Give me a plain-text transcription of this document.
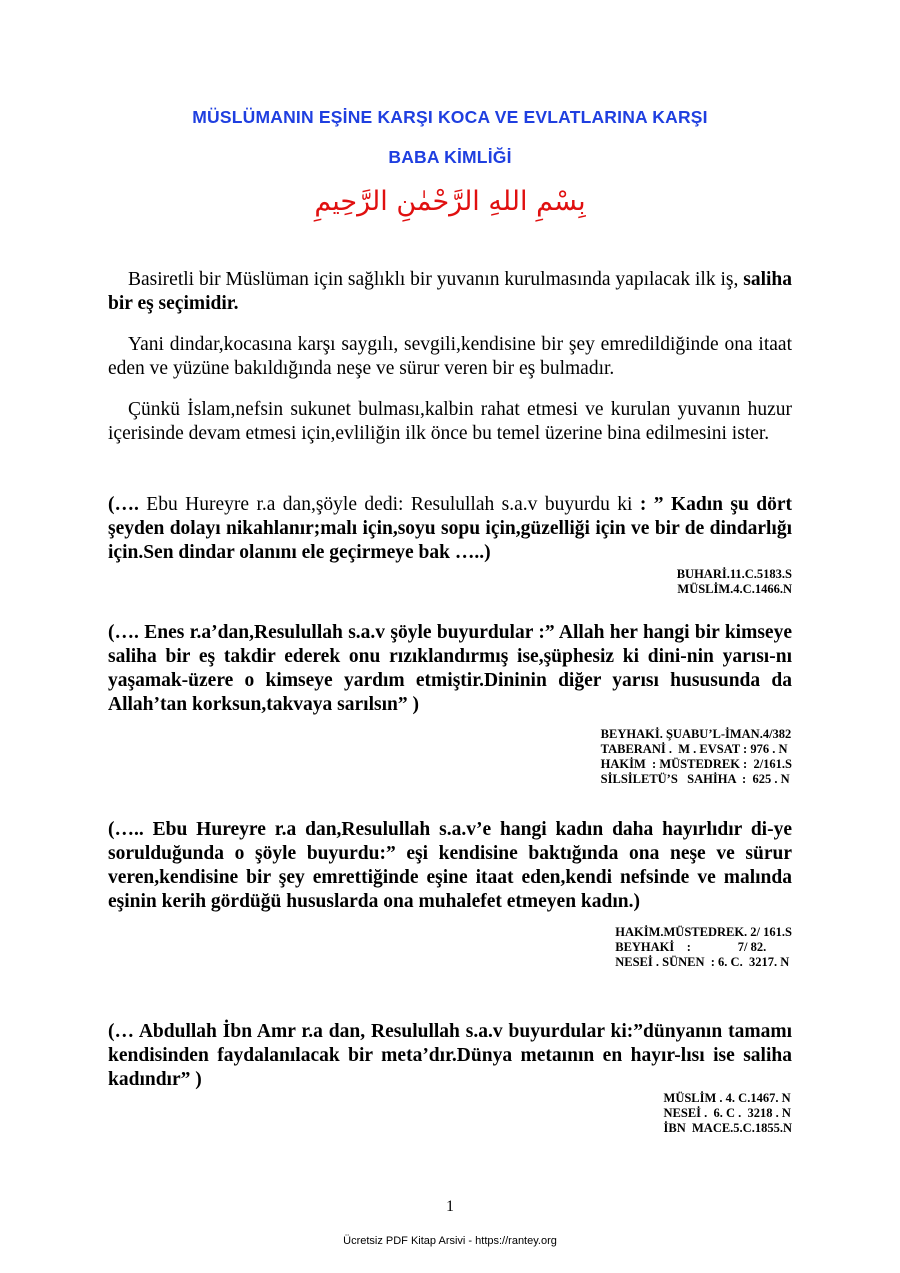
MÜSLÜMANIN EŞİNE KARŞI KOCA VE EVLATLARINA KARŞI
BABA KİMLİĞİ
بِسْمِ اللهِ الرَّحْمٰنِ الرَّحِيمِ
Basiretli bir Müslüman için sağlıklı bir yuvanın kurulmasında yapılacak ilk iş, saliha bir eş seçimidir.
Yani dindar,kocasına karşı saygılı, sevgili,kendisine bir şey emredildiğinde ona itaat eden ve yüzüne bakıldığında neşe ve sürur veren bir eş bulmadır.
Çünkü İslam,nefsin sukunet bulması,kalbin rahat etmesi ve kurulan yuvanın huzur içerisinde devam etmesi için,evliliğin ilk önce bu temel üzerine bina edilmesini ister.
(…. Ebu Hureyre r.a dan,şöyle dedi: Resulullah s.a.v buyurdu ki : ” Kadın şu dört şeyden dolayı nikahlanır;malı için,soyu sopu için,güzelliği için ve bir de dindarlığı için.Sen dindar olanını ele geçirmeye bak …..)
BUHARİ.11.C.5183.S
MÜSLİM.4.C.1466.N
(…. Enes r.a’dan,Resulullah s.a.v şöyle buyurdular :” Allah her hangi bir kimseye saliha bir eş takdir ederek onu rızıklandırmış ise,şüphesiz ki dini-nin yarısı-nı yaşamak-üzere o kimseye yardım etmiştir.Dininin diğer yarısı hususunda da Allah’tan korksun,takvaya sarılsın” )
BEYHAKİ. ŞUABU’L-İMAN.4/382
TABERANİ .  M . EVSAT : 976 . N
HAKİM  : MÜSTEDREK :  2/161.S
SİLSİLETÜ’S   SAHİHA  :  625 . N
(….. Ebu Hureyre r.a dan,Resulullah s.a.v’e hangi kadın daha hayırlıdır di-ye sorulduğunda o şöyle buyurdu:” eşi kendisine baktığında ona neşe ve sürur veren,kendisine bir şey emrettiğinde eşine itaat eden,kendi nefsinde ve malında eşinin kerih gördüğü hususlarda ona muhalefet etmeyen kadın.)
HAKİM.MÜSTEDREK. 2/ 161.S
BEYHAKİ    :               7/ 82.
NESEİ . SÜNEN  : 6. C.  3217. N
(… Abdullah İbn Amr r.a dan, Resulullah s.a.v buyurdular ki:”dünyanın tamamı kendisinden faydalanılacak bir meta’dır.Dünya metaının en hayır-lısı ise saliha kadındır” )
MÜSLİM . 4. C.1467. N
NESEİ .  6. C .  3218 . N
İBN  MACE.5.C.1855.N
1
Ücretsiz PDF Kitap Arsivi - https://rantey.org
